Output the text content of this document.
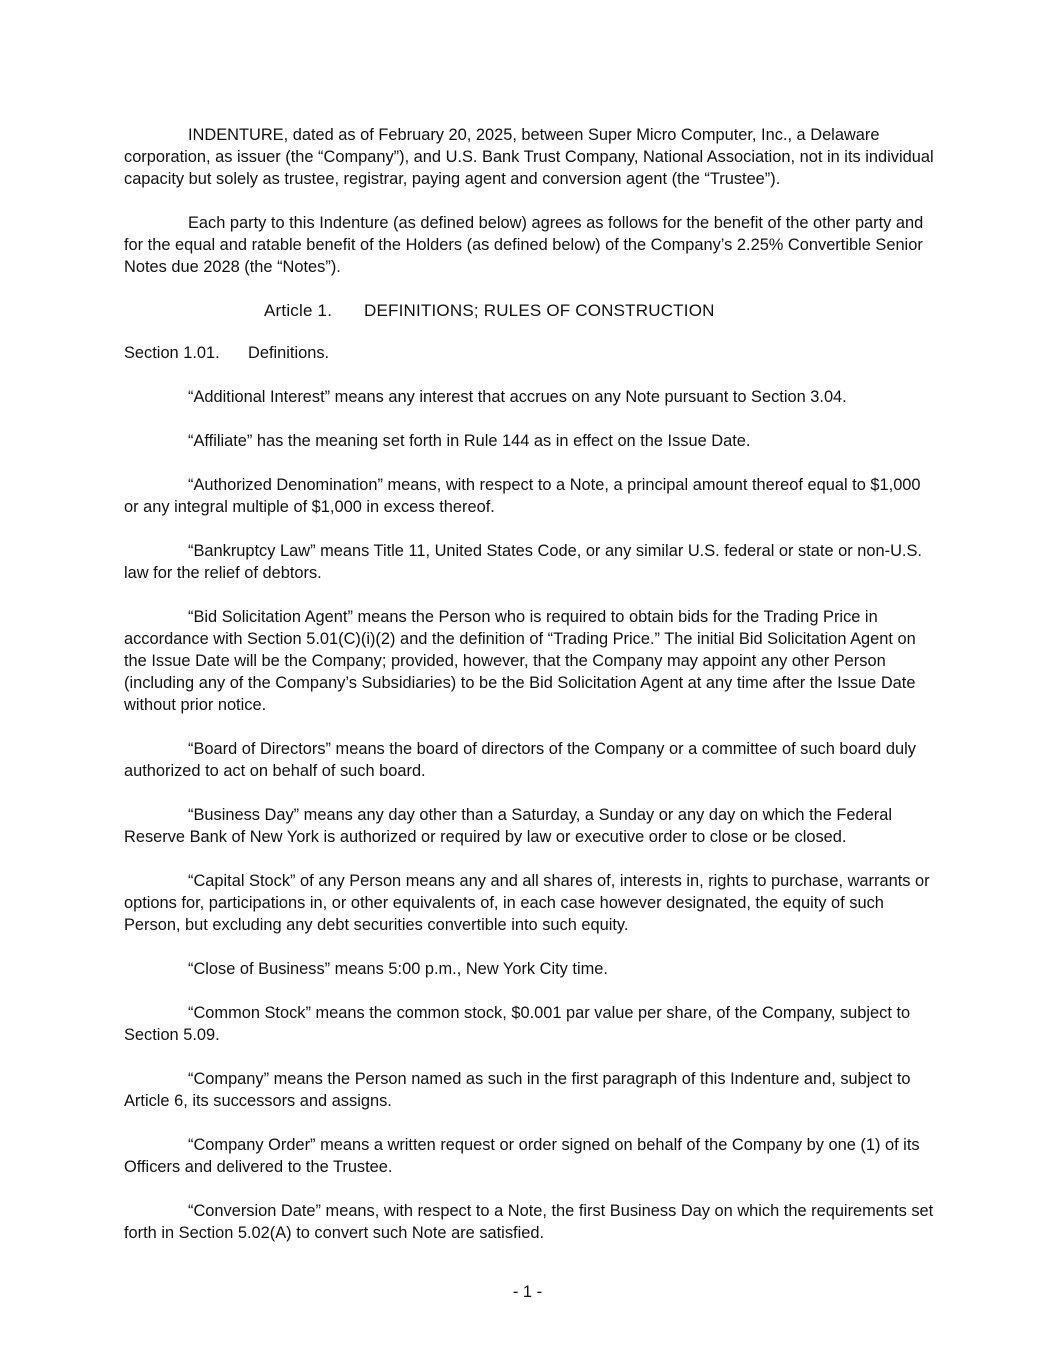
INDENTURE, dated as of February 20, 2025, between Super Micro Computer, Inc., a Delaware corporation, as issuer (the “Company”), and U.S. Bank Trust Company, National Association, not in its individual capacity but solely as trustee, registrar, paying agent and conversion agent (the “Trustee”).

Each party to this Indenture (as defined below) agrees as follows for the benefit of the other party and for the equal and ratable benefit of the Holders (as defined below) of the Company’s 2.25% Convertible Senior Notes due 2028 (the “Notes”).

Article 1. DEFINITIONS; RULES OF CONSTRUCTION
Section 1.01. Definitions.

“Additional Interest” means any interest that accrues on any Note pursuant to Section 3.04.

“Affiliate” has the meaning set forth in Rule 144 as in effect on the Issue Date.

“Authorized Denomination” means, with respect to a Note, a principal amount thereof equal to $1,000 or any integral multiple of $1,000 in excess thereof.

“Bankruptcy Law” means Title 11, United States Code, or any similar U.S. federal or state or non-U.S. law for the relief of debtors.

“Bid Solicitation Agent” means the Person who is required to obtain bids for the Trading Price in accordance with Section 5.01(C)(i)(2) and the definition of “Trading Price.” The initial Bid Solicitation Agent on the Issue Date will be the Company; provided, however, that the Company may appoint any other Person (including any of the Company’s Subsidiaries) to be the Bid Solicitation Agent at any time after the Issue Date without prior notice.

“Board of Directors” means the board of directors of the Company or a committee of such board duly authorized to act on behalf of such board.

“Business Day” means any day other than a Saturday, a Sunday or any day on which the Federal Reserve Bank of New York is authorized or required by law or executive order to close or be closed.

“Capital Stock” of any Person means any and all shares of, interests in, rights to purchase, warrants or options for, participations in, or other equivalents of, in each case however designated, the equity of such Person, but excluding any debt securities convertible into such equity.

“Close of Business” means 5:00 p.m., New York City time.

“Common Stock” means the common stock, $0.001 par value per share, of the Company, subject to Section 5.09.

“Company” means the Person named as such in the first paragraph of this Indenture and, subject to Article 6, its successors and assigns.

“Company Order” means a written request or order signed on behalf of the Company by one (1) of its Officers and delivered to the Trustee.

“Conversion Date” means, with respect to a Note, the first Business Day on which the requirements set forth in Section 5.02(A) to convert such Note are satisfied.

- 1 -
